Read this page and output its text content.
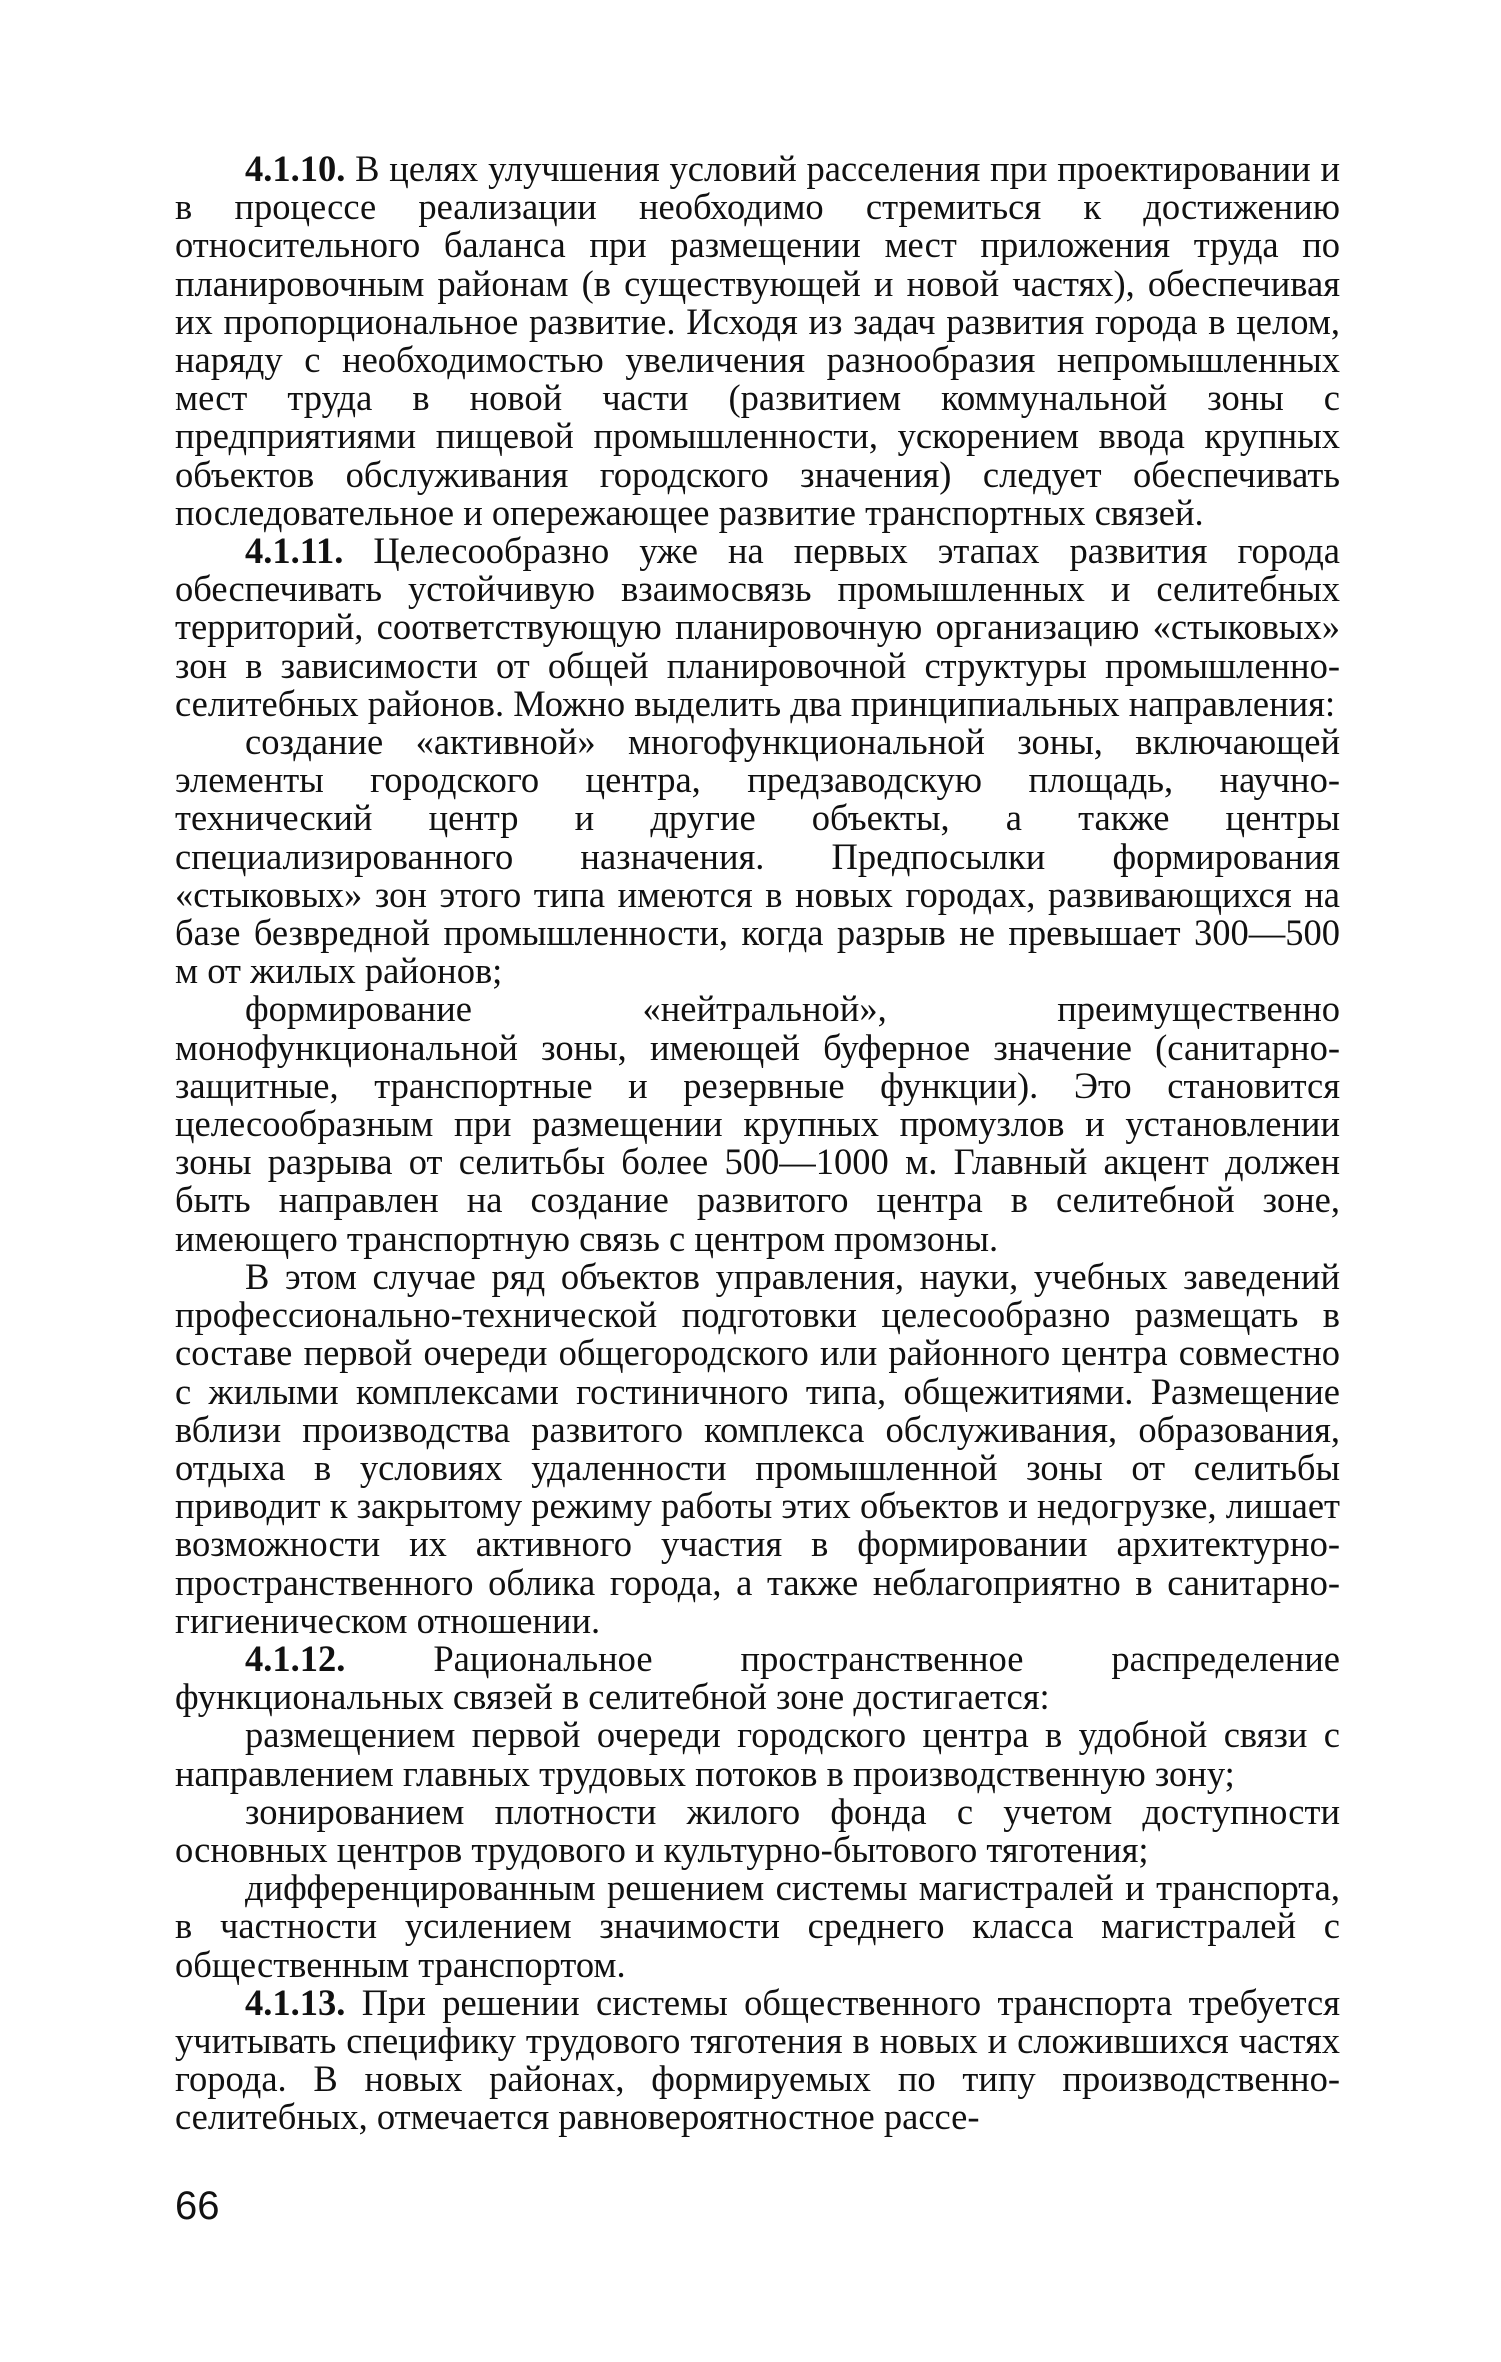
4.1.10. В целях улучшения условий расселения при проектировании и в процессе реализации необходимо стремиться к достижению относительного баланса при размещении мест приложения труда по планировочным районам (в существующей и новой частях), обеспечивая их пропорциональное развитие. Исходя из задач развития города в целом, наряду с необходимостью увеличения разнообразия непромышленных мест труда в новой части (развитием коммунальной зоны с предприятиями пищевой промышленности, ускорением ввода крупных объектов обслуживания городского значения) следует обеспечивать последовательное и опережающее развитие транспортных связей.

4.1.11. Целесообразно уже на первых этапах развития города обеспечивать устойчивую взаимосвязь промышленных и селитебных территорий, соответствующую планировочную организацию «стыковых» зон в зависимости от общей планировочной структуры промышленно-селитебных районов. Можно выделить два принципиальных направления:

создание «активной» многофункциональной зоны, включающей элементы городского центра, предзаводскую площадь, научно-технический центр и другие объекты, а также центры специализированного назначения. Предпосылки формирования «стыковых» зон этого типа имеются в новых городах, развивающихся на базе безвредной промышленности, когда разрыв не превышает 300—500 м от жилых районов;

формирование «нейтральной», преимущественно монофункциональной зоны, имеющей буферное значение (санитарно-защитные, транспортные и резервные функции). Это становится целесообразным при размещении крупных промузлов и установлении зоны разрыва от селитьбы более 500—1000 м. Главный акцент должен быть направлен на создание развитого центра в селитебной зоне, имеющего транспортную связь с центром промзоны.

В этом случае ряд объектов управления, науки, учебных заведений профессионально-технической подготовки целесообразно размещать в составе первой очереди общегородского или районного центра совместно с жилыми комплексами гостиничного типа, общежитиями. Размещение вблизи производства развитого комплекса обслуживания, образования, отдыха в условиях удаленности промышленной зоны от селитьбы приводит к закрытому режиму работы этих объектов и недогрузке, лишает возможности их активного участия в формировании архитектурно-пространственного облика города, а также неблагоприятно в санитарно-гигиеническом отношении.

4.1.12. Рациональное пространственное распределение функциональных связей в селитебной зоне достигается:

размещением первой очереди городского центра в удобной связи с направлением главных трудовых потоков в производственную зону;

зонированием плотности жилого фонда с учетом доступности основных центров трудового и культурно-бытового тяготения;

дифференцированным решением системы магистралей и транспорта, в частности усилением значимости среднего класса магистралей с общественным транспортом.

4.1.13. При решении системы общественного транспорта требуется учитывать специфику трудового тяготения в новых и сложившихся частях города. В новых районах, формируемых по типу производственно-селитебных, отмечается равновероятностное рассе-

66
